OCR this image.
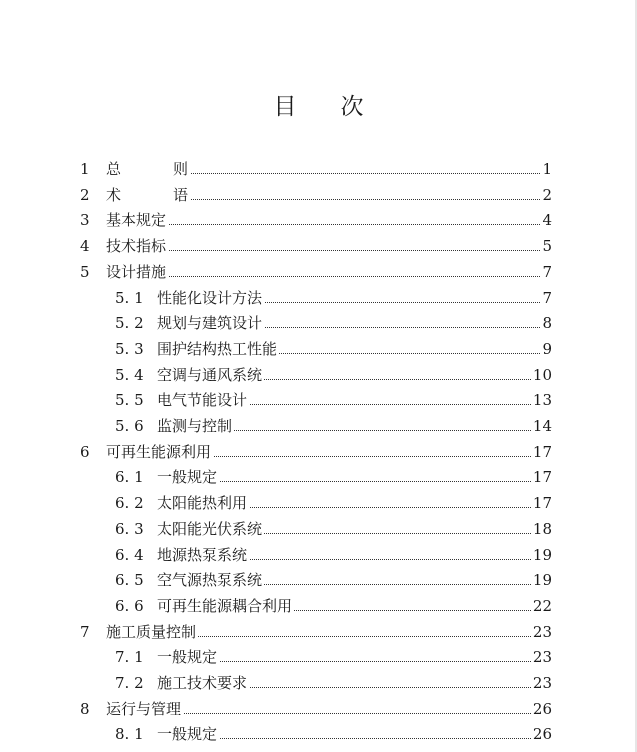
目 次
1 总	则	1
2 术	语	2
3 基本规定	4
4 技术指标	5
5 设计措施	7
5. 1 性能化设计方法	7
5. 2 规划与建筑设计	8
5. 3 围护结构热工性能	9
5. 4 空调与通风系统	10
5. 5 电气节能设计	13
5. 6 监测与控制	14
6 可再生能源利用	17
6. 1 一般规定	17
6. 2 太阳能热利用	17
6. 3 太阳能光伏系统	18
6. 4 地源热泵系统	19
6. 5 空气源热泵系统	19
6. 6 可再生能源耦合利用	22
7 施工质量控制	23
7. 1 一般规定	23
7. 2 施工技术要求	23
8 运行与管理	26
8. 1 一般规定	26
